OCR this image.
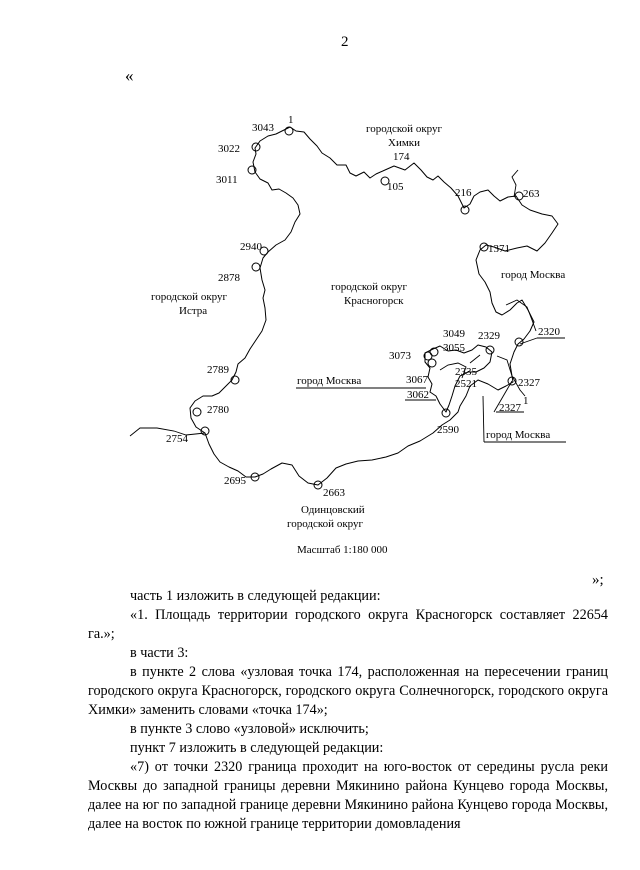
2
«
городской округ
Химки
городской округ
Красногорск
городской округ
Истра
город Москва
город Москва
город Москва
Одинцовский
городской округ
1
3043
3022
3011
2940
2878
2789
2780
2754
2695
2663
2590
3062
3067
3073
3049
3055
2335
2521
2329	2320
2327
2327
1
1371
263
216
105
174
Масштаб 1:180 000
»;

часть 1 изложить в следующей редакции:

«1. Площадь территории городского округа Красногорск составляет 22654 га.»;

в части 3:

в пункте 2 слова «узловая точка 174, расположенная на пересечении границ городского округа Красногорск, городского округа Солнечногорск, городского округа Химки» заменить словами «точка 174»;

в пункте 3 слово «узловой» исключить;

пункт 7 изложить в следующей редакции:

«7) от точки 2320 граница проходит на юго-восток от середины русла реки Москвы до западной границы деревни Мякинино района Кунцево города Москвы, далее на юг по западной границе деревни Мякинино района Кунцево города Москвы, далее на восток по южной границе территории домовладения
